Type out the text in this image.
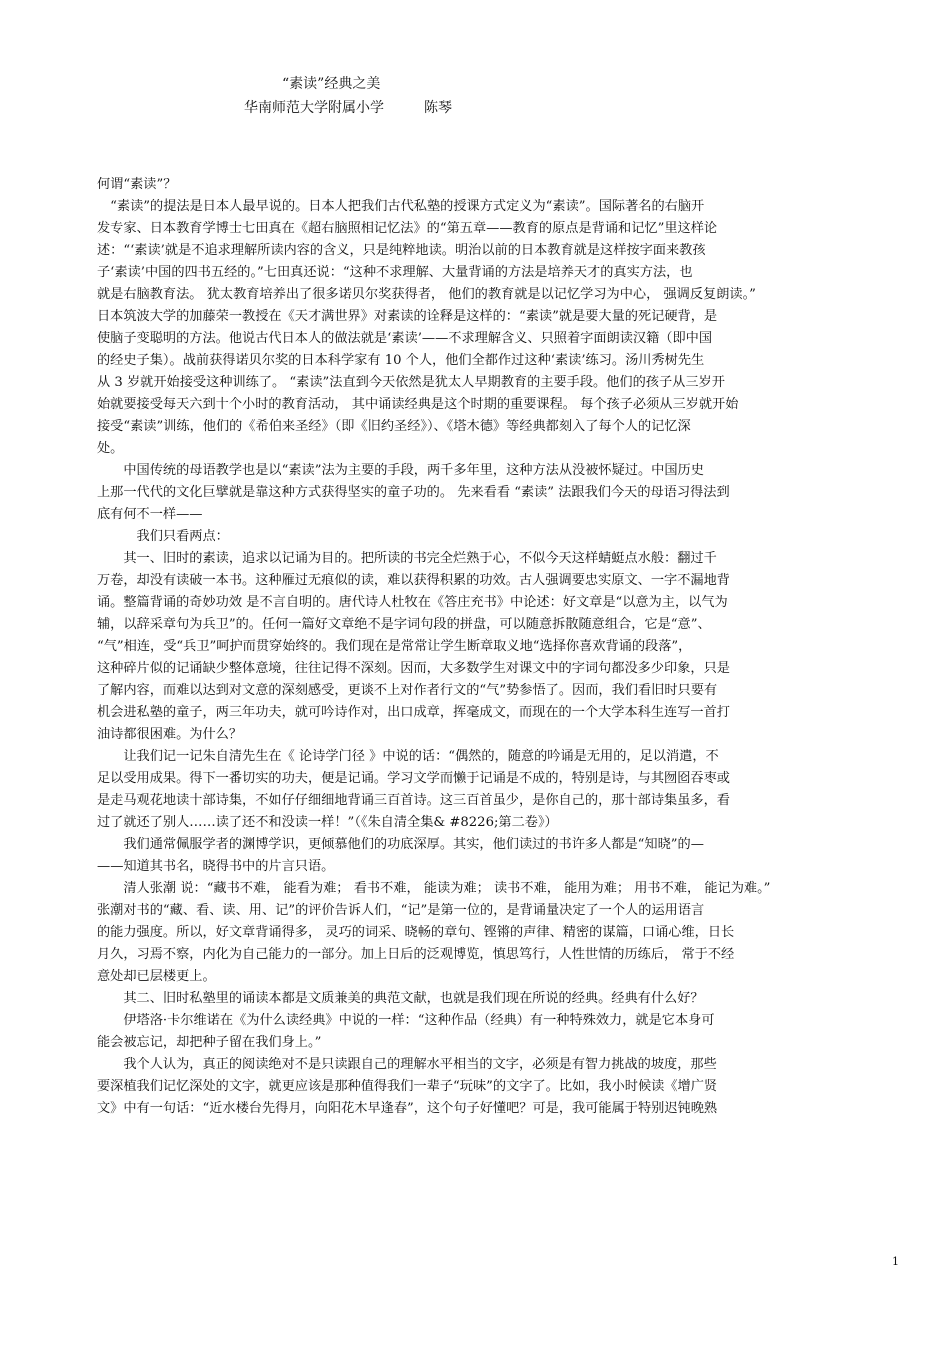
“素读”经典之美
华南师范大学附属小学	陈琴
何谓“素读”？
　“素读”的提法是日本人最早说的。日本人把我们古代私塾的授课方式定义为“素读”。国际著名的右脑开
发专家、日本教育学博士七田真在《超右脑照相记忆法》的“第五章——教育的原点是背诵和记忆”里这样论
述：“‘素读’就是不追求理解所读内容的含义，只是纯粹地读。明治以前的日本教育就是这样按字面来教孩
子‘素读’中国的四书五经的。”七田真还说：“这种不求理解、大量背诵的方法是培养天才的真实方法，也
就是右脑教育法。 犹太教育培养出了很多诺贝尔奖获得者， 他们的教育就是以记忆学习为中心， 强调反复朗读。”
日本筑波大学的加藤荣一教授在《天才满世界》对素读的诠释是这样的：“素读”就是要大量的死记硬背，是
使脑子变聪明的方法。他说古代日本人的做法就是‘素读’——不求理解含义、只照着字面朗读汉籍（即中国
的经史子集）。战前获得诺贝尔奖的日本科学家有 10 个人，他们全都作过这种‘素读’练习。汤川秀树先生
从 3 岁就开始接受这种训练了。 “素读”法直到今天依然是犹太人早期教育的主要手段。他们的孩子从三岁开
始就要接受每天六到十个小时的教育活动， 其中诵读经典是这个时期的重要课程。 每个孩子必须从三岁就开始
接受“素读”训练，他们的《希伯来圣经》（即《旧约圣经》）、《塔木德》等经典都刻入了每个人的记忆深
处。
　　中国传统的母语教学也是以“素读”法为主要的手段，两千多年里，这种方法从没被怀疑过。中国历史
上那一代代的文化巨擘就是靠这种方式获得坚实的童子功的。 先来看看 “素读” 法跟我们今天的母语习得法到
底有何不一样——
　　　我们只看两点：
　　其一、旧时的素读，追求以记诵为目的。把所读的书完全烂熟于心，不似今天这样蜻蜓点水般：翻过千
万卷，却没有读破一本书。这种雁过无痕似的读，难以获得积累的功效。古人强调要忠实原文、一字不漏地背
诵。整篇背诵的奇妙功效 是不言自明的。唐代诗人杜牧在《答庄充书》中论述：好文章是“以意为主，以气为
辅，以辞采章句为兵卫”的。任何一篇好文章绝不是字词句段的拼盘，可以随意拆散随意组合，它是“意”、
“气”相连，受“兵卫”呵护而贯穿始终的。我们现在是常常让学生断章取义地“选择你喜欢背诵的段落”，
这种碎片似的记诵缺少整体意境，往往记得不深刻。因而，大多数学生对课文中的字词句都没多少印象，只是
了解内容，而难以达到对文意的深刻感受，更谈不上对作者行文的“气”势参悟了。因而，我们看旧时只要有
机会进私塾的童子，两三年功夫，就可吟诗作对，出口成章，挥毫成文，而现在的一个大学本科生连写一首打
油诗都很困难。为什么？
　　让我们记一记朱自清先生在《 论诗学门径 》中说的话：“偶然的，随意的吟诵是无用的，足以消遣，不
足以受用成果。得下一番切实的功夫，便是记诵。学习文学而懒于记诵是不成的，特别是诗，与其囫囵吞枣或
是走马观花地读十部诗集，不如仔仔细细地背诵三百首诗。这三百首虽少，是你自己的，那十部诗集虽多，看
过了就还了别人……读了还不和没读一样！”（《朱自清全集& #8226;第二卷》）
　　我们通常佩服学者的渊博学识，更倾慕他们的功底深厚。其实，他们读过的书许多人都是“知晓”的—
——知道其书名，晓得书中的片言只语。
　　清人张潮 说：“藏书不难， 能看为难； 看书不难， 能读为难； 读书不难， 能用为难； 用书不难， 能记为难。”
张潮对书的“藏、看、读、用、记”的评价告诉人们，“记”是第一位的，是背诵量决定了一个人的运用语言
的能力强度。所以，好文章背诵得多， 灵巧的词采、晓畅的章句、铿锵的声律、精密的谋篇，口诵心维，日长
月久，习焉不察，内化为自己能力的一部分。加上日后的泛观博览，慎思笃行，人性世情的历练后， 常于不经
意处却已层楼更上。
　　其二、旧时私塾里的诵读本都是文质兼美的典范文献，也就是我们现在所说的经典。经典有什么好？
　　伊塔洛·卡尔维诺在《为什么读经典》中说的一样：“这种作品（经典）有一种特殊效力，就是它本身可
能会被忘记，却把种子留在我们身上。”
　　我个人认为，真正的阅读绝对不是只读跟自己的理解水平相当的文字，必须是有智力挑战的坡度，那些
要深植我们记忆深处的文字，就更应该是那种值得我们一辈子“玩味”的文字了。比如，我小时候读《增广贤
文》中有一句话：“近水楼台先得月，向阳花木早逢春”，这个句子好懂吧？可是，我可能属于特别迟钝晚熟
1
